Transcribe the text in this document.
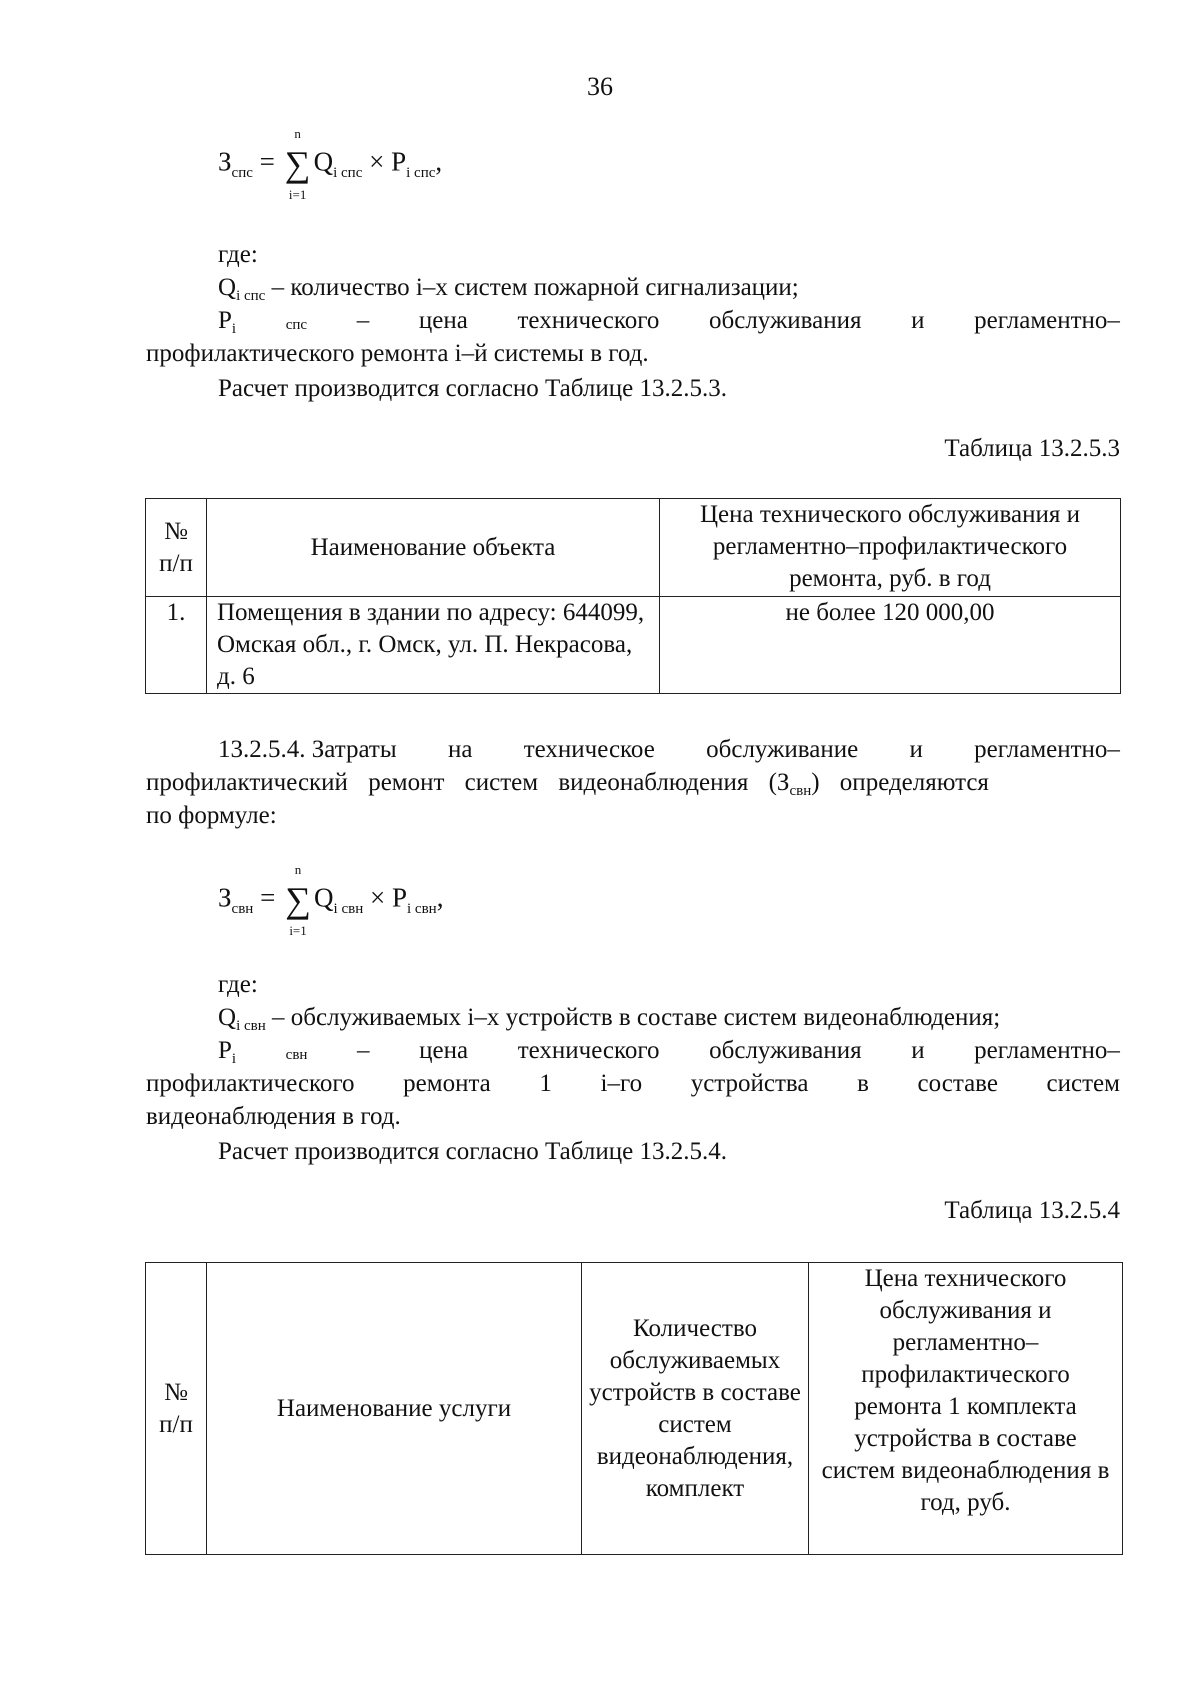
36
$З_{спс}$ =
n
∑
i=1
$Q_{i спс} \times P_{i спс}$,
где:
$Q_{i спс}$ – количество i–х систем пожарной сигнализации;
$P_i$	спс – цена технического обслуживания и регламентно–
профилактического ремонта i–й системы в год.
Расчет производится согласно Таблице 13.2.5.3.
Таблица 13.2.5.3
№ п/п	Наименование объекта	Цена технического обслуживания и регламентно–профилактического ремонта, руб. в год
1.	Помещения в здании по адресу: 644099, Омская обл., г. Омск, ул. П. Некрасова, д. 6	не более 120 000,00
13.2.5.4. Затраты на техническое обслуживание и регламентно–
профилактический ремонт систем видеонаблюдения $(З_{свн})$ определяются
по формуле:
$З_{свн}$ =
n
∑
i=1
$Q_{i свн} \times P_{i свн}$,
где:
$Q_{i свн}$ – обслуживаемых i–х устройств в составе систем видеонаблюдения;
$P_i$	свн – цена технического обслуживания и регламентно–
профилактического ремонта 1 i–го устройства в составе систем
видеонаблюдения в год.
Расчет производится согласно Таблице 13.2.5.4.
Таблица 13.2.5.4
№ п/п	Наименование услуги	Количество обслуживаемых устройств в составе систем видеонаблюдения, комплект	Цена технического обслуживания и регламентно–профилактического ремонта 1 комплекта устройства в составе систем видеонаблюдения в год, руб.
